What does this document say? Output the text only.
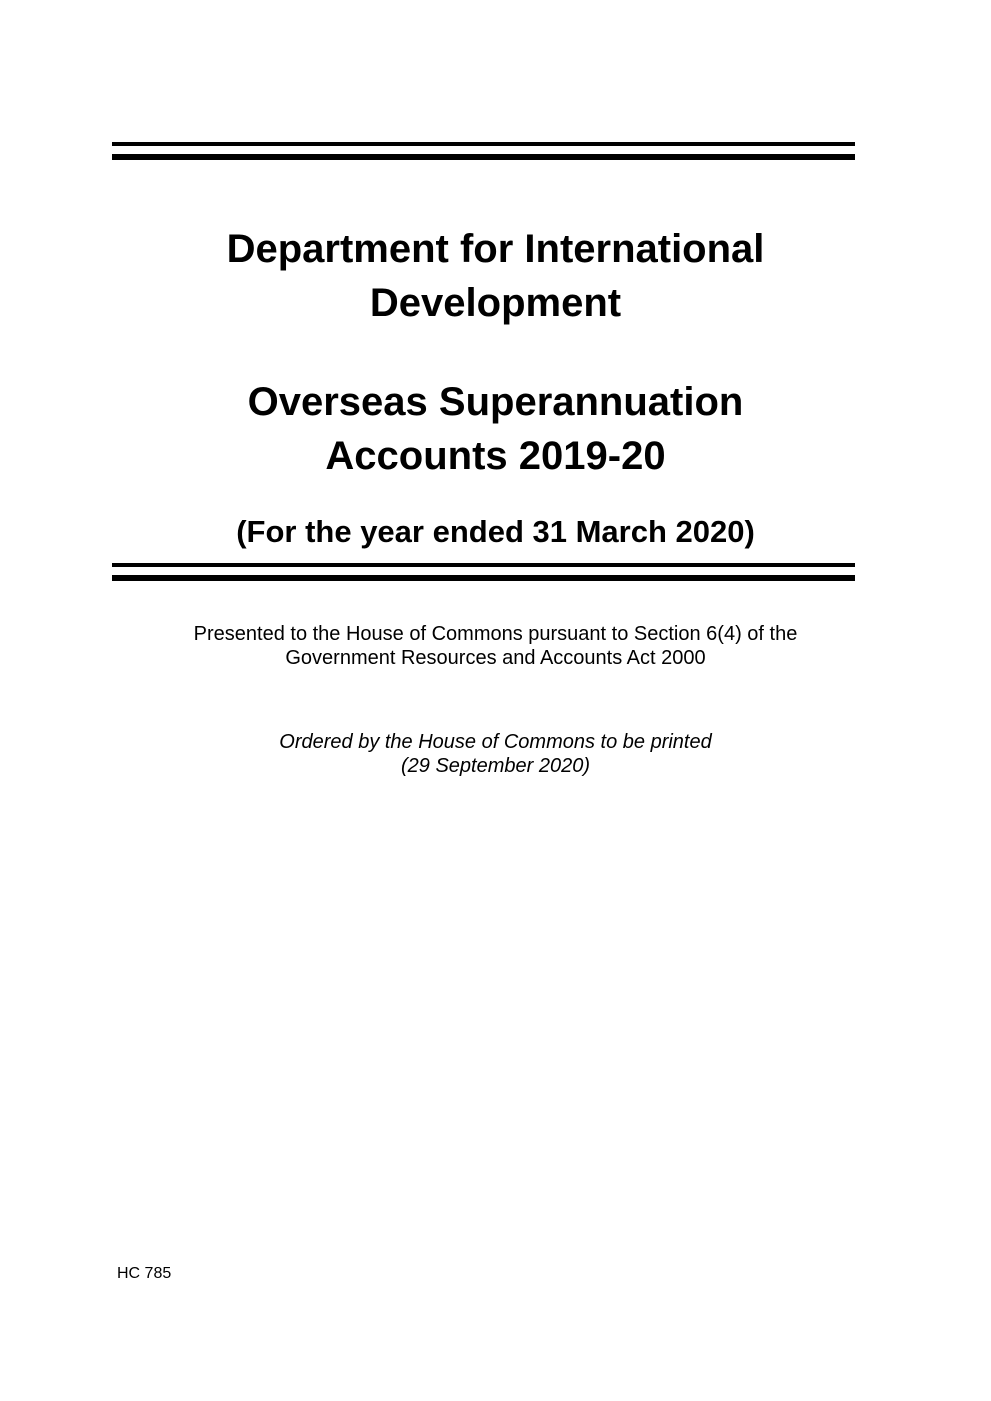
Department for International
Development
Overseas Superannuation
Accounts 2019-20
(For the year ended 31 March 2020)
Presented to the House of Commons pursuant to Section 6(4) of the
Government Resources and Accounts Act 2000
Ordered by the House of Commons to be printed
(29 September 2020)
HC 785
